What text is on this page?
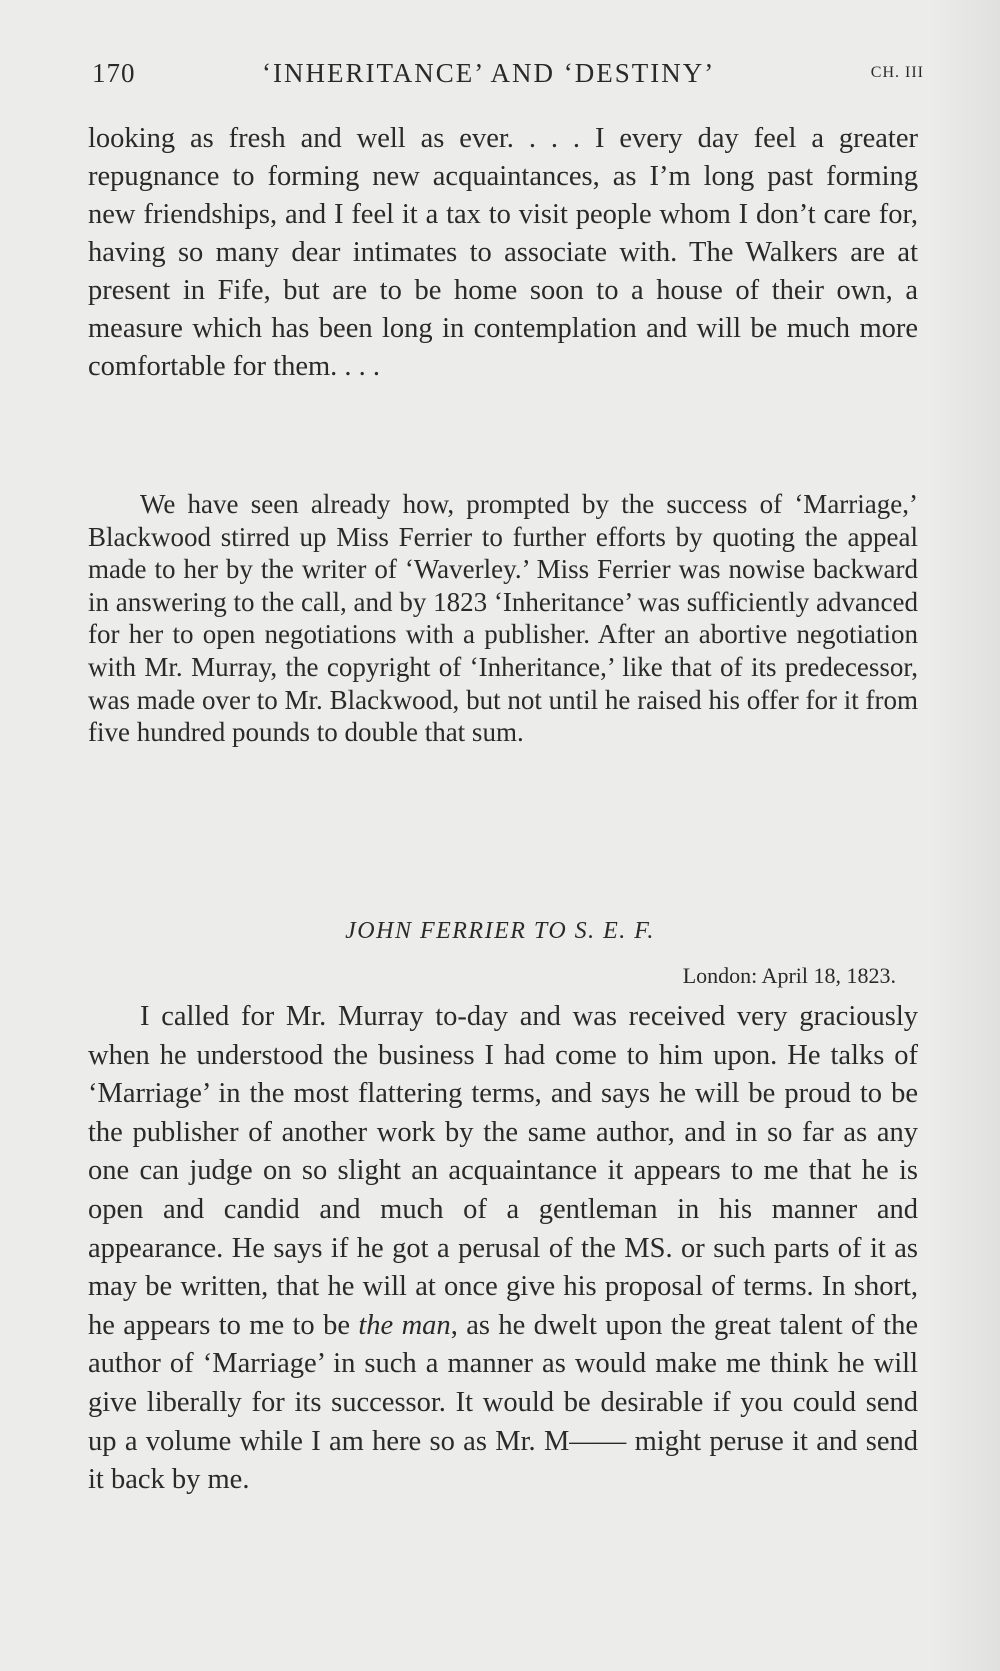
170	‘INHERITANCE’ AND ‘DESTINY’	CH. III

looking as fresh and well as ever. . . . I every day feel a greater repugnance to forming new acquaintances, as I’m long past forming new friendships, and I feel it a tax to visit people whom I don’t care for, having so many dear intimates to associate with. The Walkers are at present in Fife, but are to be home soon to a house of their own, a measure which has been long in contemplation and will be much more comfortable for them. . . .

We have seen already how, prompted by the success of ‘Marriage,’ Blackwood stirred up Miss Ferrier to further efforts by quoting the appeal made to her by the writer of ‘Waverley.’ Miss Ferrier was nowise backward in answering to the call, and by 1823 ‘Inheritance’ was sufficiently advanced for her to open negotiations with a publisher. After an abortive negotiation with Mr. Murray, the copyright of ‘Inheritance,’ like that of its predecessor, was made over to Mr. Blackwood, but not until he raised his offer for it from five hundred pounds to double that sum.

JOHN FERRIER TO S. E. F.
London: April 18, 1823.

I called for Mr. Murray to-day and was received very graciously when he understood the business I had come to him upon. He talks of ‘Marriage’ in the most flattering terms, and says he will be proud to be the publisher of another work by the same author, and in so far as any one can judge on so slight an acquaintance it appears to me that he is open and candid and much of a gentleman in his manner and appearance. He says if he got a perusal of the MS. or such parts of it as may be written, that he will at once give his proposal of terms. In short, he appears to me to be the man, as he dwelt upon the great talent of the author of ‘Marriage’ in such a manner as would make me think he will give liberally for its successor. It would be desirable if you could send up a volume while I am here so as Mr. M—— might peruse it and send it back by me.
